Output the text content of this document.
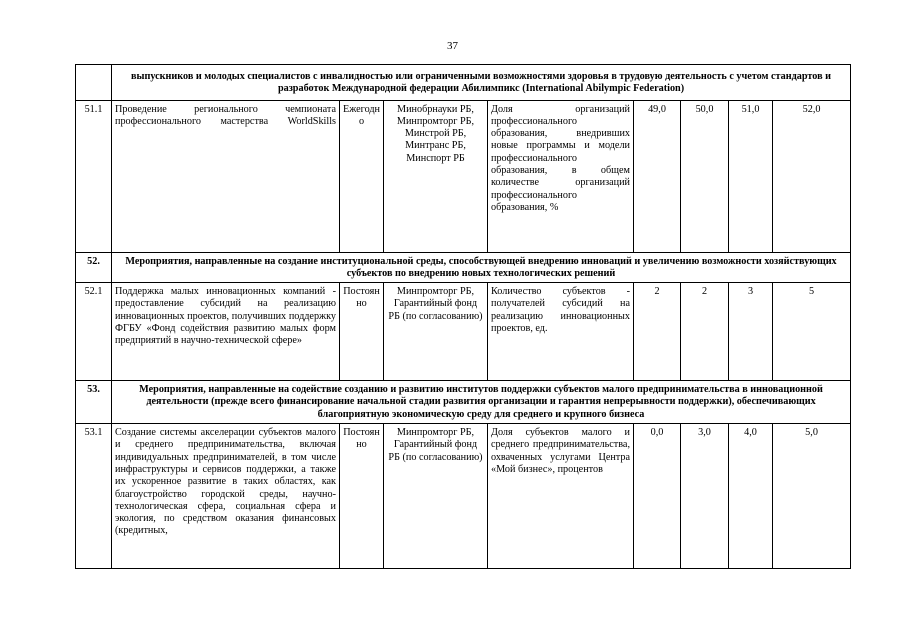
37
	выпускников и молодых специалистов с инвалидностью или ограниченными возможностями здоровья в трудовую деятельность с учетом стандартов и разработок Международной федерации Абилимпикс (International Abilympic Federation)							
51.1	Проведение регионального чемпионата профессионального мастерства WorldSkills	Ежегодно	Минобрнауки РБ, Минпромторг РБ, Минстрой РБ, Минтранс РБ, Минспорт РБ	Доля организаций профессионального образования, внедривших новые программы и модели профессионального образования, в общем количестве организаций профессионального образования, %	49,0	50,0	51,0	52,0
52.	Мероприятия, направленные на создание институциональной среды, способствующей внедрению инноваций и увеличению возможности хозяйствующих субъектов по внедрению новых технологических решений							
52.1	Поддержка малых инновационных компаний - предоставление субсидий на реализацию инновационных проектов, получивших поддержку ФГБУ «Фонд содействия развитию малых форм предприятий в научно-технической сфере»	Постоянно	Минпромторг РБ, Гарантийный фонд РБ (по согласованию)	Количество субъектов - получателей субсидий на реализацию инновационных проектов, ед.	2	2	3	5
53.	Мероприятия, направленные на содействие созданию и развитию институтов поддержки субъектов малого предпринимательства в инновационной деятельности (прежде всего финансирование начальной стадии развития организации и гарантия непрерывности поддержки), обеспечивающих благоприятную экономическую среду для среднего и крупного бизнеса							
53.1	Создание системы акселерации субъектов малого и среднего предпринимательства, включая индивидуальных предпринимателей, в том числе инфраструктуры и сервисов поддержки, а также их ускоренное развитие в таких областях, как благоустройство городской среды, научно-технологическая сфера, социальная сфера и экология, по средством оказания финансовых (кредитных,	Постоянно	Минпромторг РБ, Гарантийный фонд РБ (по согласованию)	Доля субъектов малого и среднего предпринимательства, охваченных услугами Центра «Мой бизнес», процентов	0,0	3,0	4,0	5,0
